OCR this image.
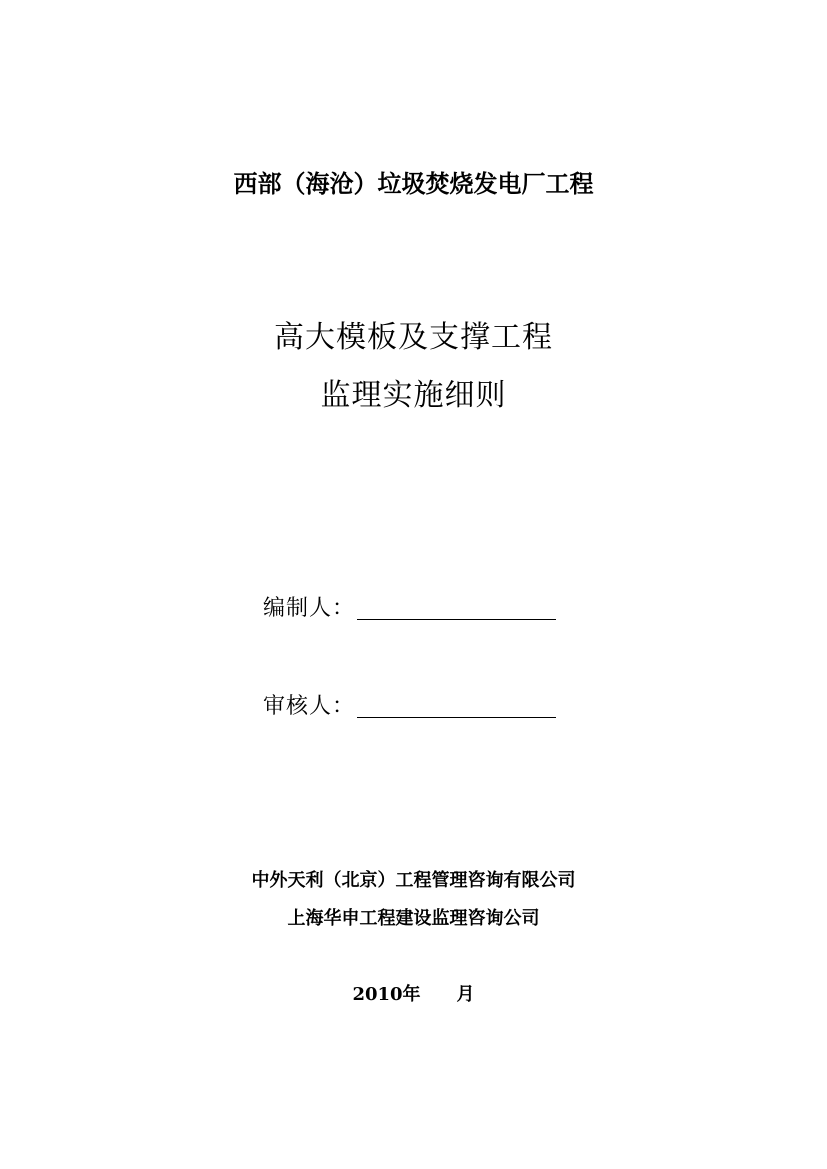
西部（海沧）垃圾焚烧发电厂工程
高大模板及支撑工程
监理实施细则
编制人：
审核人：
中外天利（北京）工程管理咨询有限公司
上海华申工程建设监理咨询公司
2010年 月
